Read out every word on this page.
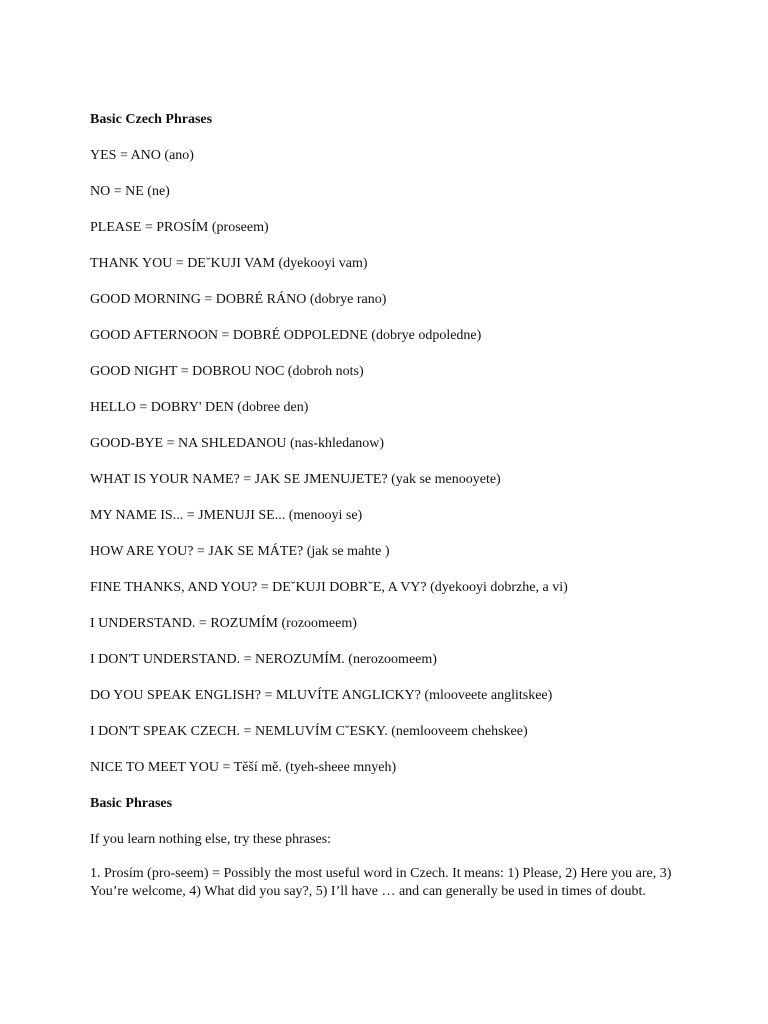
Basic Czech Phrases
YES = ANO (ano)
NO = NE (ne)
PLEASE = PROSÍM (proseem)
THANK YOU = DEˇKUJI VAM (dyekooyi vam)
GOOD MORNING = DOBRÉ RÁNO (dobrye rano)
GOOD AFTERNOON = DOBRÉ ODPOLEDNE (dobrye odpoledne)
GOOD NIGHT = DOBROU NOC (dobroh nots)
HELLO = DOBRY' DEN (dobree den)
GOOD-BYE = NA SHLEDANOU (nas-khledanow)
WHAT IS YOUR NAME? = JAK SE JMENUJETE? (yak se menooyete)
MY NAME IS... = JMENUJI SE... (menooyi se)
HOW ARE YOU? = JAK SE MÁTE? (jak se mahte )
FINE THANKS, AND YOU? = DEˇKUJI DOBRˇE, A VY? (dyekooyi dobrzhe, a vi)
I UNDERSTAND. = ROZUMÍM (rozoomeem)
I DON'T UNDERSTAND. = NEROZUMÍM. (nerozoomeem)
DO YOU SPEAK ENGLISH? = MLUVÍTE ANGLICKY? (mlooveete anglitskee)
I DON'T SPEAK CZECH. = NEMLUVÍM CˇESKY. (nemlooveem chehskee)
NICE TO MEET YOU = Těší mě. (tyeh-sheee mnyeh)
Basic Phrases
If you learn nothing else, try these phrases:
1. Prosím (pro-seem) = Possibly the most useful word in Czech. It means: 1) Please, 2) Here you are, 3) You’re welcome, 4) What did you say?, 5) I’ll have … and can generally be used in times of doubt.
